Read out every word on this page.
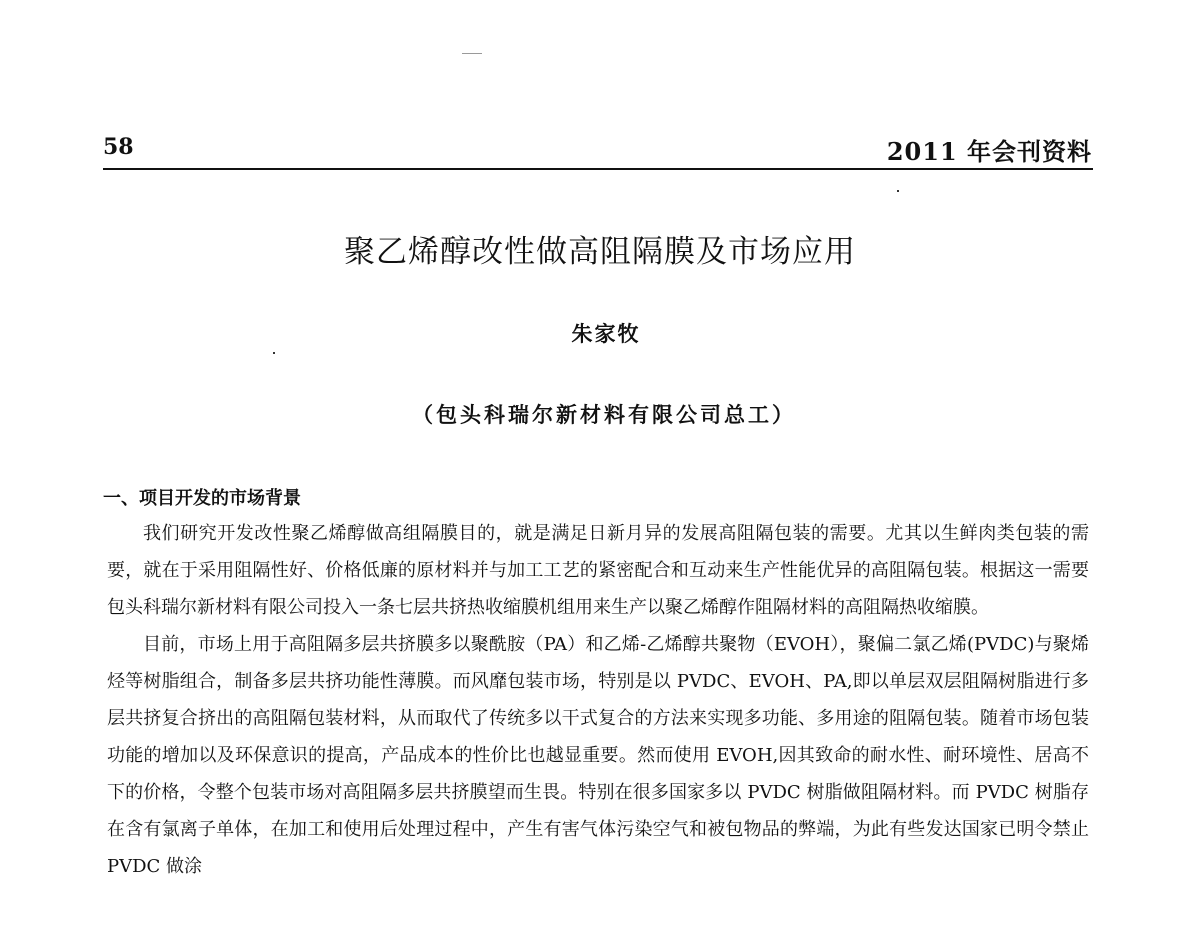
58	2011 年会刊资料
聚乙烯醇改性做高阻隔膜及市场应用
朱家牧
（包头科瑞尔新材料有限公司总工）
一、项目开发的市场背景

我们研究开发改性聚乙烯醇做高组隔膜目的，就是满足日新月异的发展高阻隔包装的需要。尤其以生鲜肉类包装的需要，就在于采用阻隔性好、价格低廉的原材料并与加工工艺的紧密配合和互动来生产性能优异的高阻隔包装。根据这一需要包头科瑞尔新材料有限公司投入一条七层共挤热收缩膜机组用来生产以聚乙烯醇作阻隔材料的高阻隔热收缩膜。

目前，市场上用于高阻隔多层共挤膜多以聚酰胺（PA）和乙烯-乙烯醇共聚物（EVOH），聚偏二氯乙烯(PVDC)与聚烯烃等树脂组合，制备多层共挤功能性薄膜。而风靡包装市场，特别是以 PVDC、EVOH、PA,即以单层双层阻隔树脂进行多层共挤复合挤出的高阻隔包装材料，从而取代了传统多以干式复合的方法来实现多功能、多用途的阻隔包装。随着市场包装功能的增加以及环保意识的提高，产品成本的性价比也越显重要。然而使用 EVOH,因其致命的耐水性、耐环境性、居高不下的价格，令整个包装市场对高阻隔多层共挤膜望而生畏。特别在很多国家多以 PVDC 树脂做阻隔材料。而 PVDC 树脂存在含有氯离子单体，在加工和使用后处理过程中，产生有害气体污染空气和被包物品的弊端，为此有些发达国家已明令禁止 PVDC 做涂
